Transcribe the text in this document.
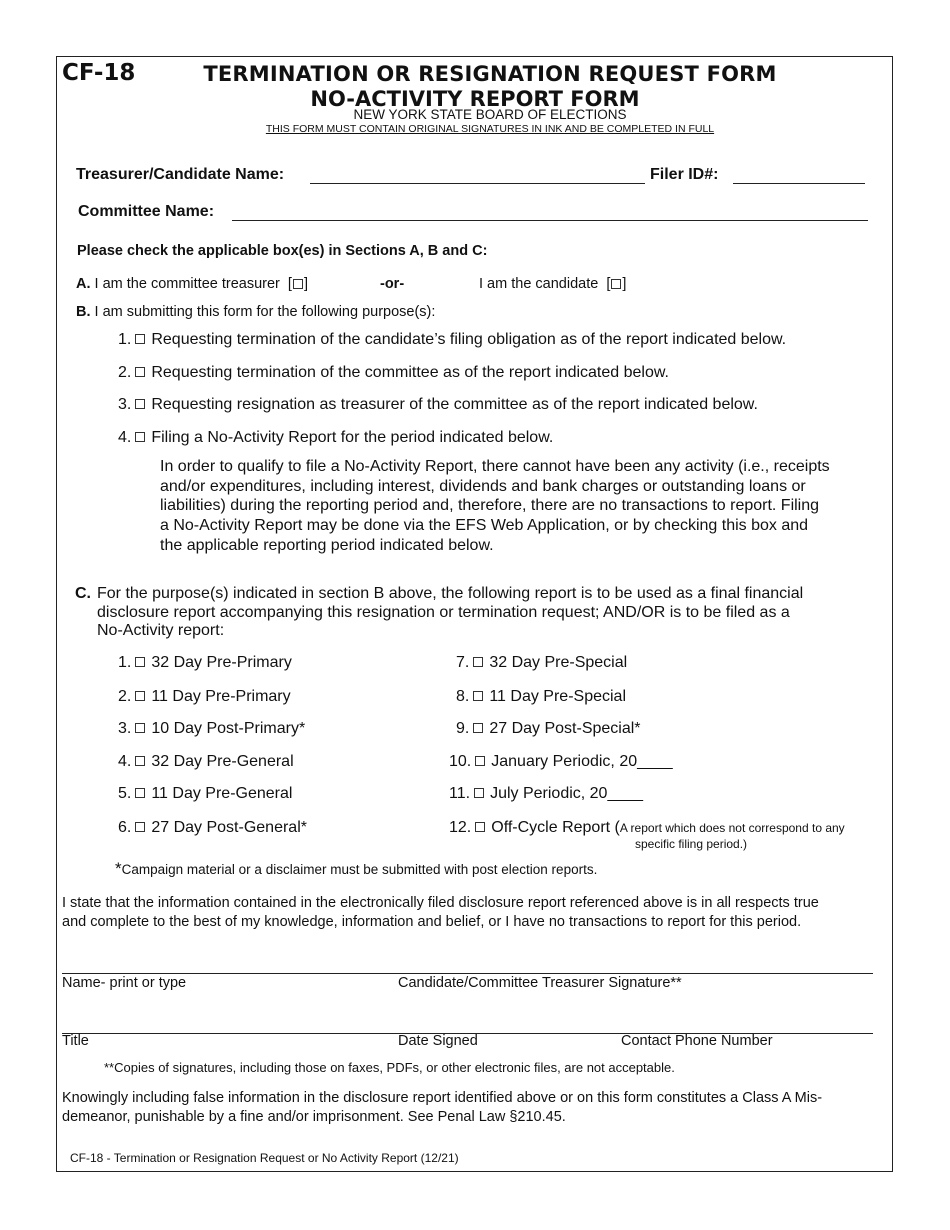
CF-18	TERMINATION OR RESIGNATION REQUEST FORM
NO-ACTIVITY REPORT FORM
NEW YORK STATE BOARD OF ELECTIONS
THIS FORM MUST CONTAIN ORIGINAL SIGNATURES IN INK AND BE COMPLETED IN FULL
Treasurer/Candidate Name:	Filer ID#:
Committee Name:
Please check the applicable box(es) in Sections A, B and C:
A. I am the committee treasurer  [ ]	-or-	I am the candidate  [ ]
B. I am submitting this form for the following purpose(s):
1. Requesting termination of the candidate’s filing obligation as of the report indicated below.
2. Requesting termination of the committee as of the report indicated below.
3. Requesting resignation as treasurer of the committee as of the report indicated below.
4. Filing a No-Activity Report for the period indicated below.
In order to qualify to file a No-Activity Report, there cannot have been any activity (i.e., receipts
and/or expenditures, including interest, dividends and bank charges or outstanding loans or
liabilities) during the reporting period and, therefore, there are no transactions to report. Filing
a No-Activity Report may be done via the EFS Web Application, or by checking this box and
the applicable reporting period indicated below.
C. For the purpose(s) indicated in section B above, the following report is to be used as a final financial
disclosure report accompanying this resignation or termination request; AND/OR is to be filed as a
No-Activity report:
1. 32 Day Pre-Primary
2. 11 Day Pre-Primary
3. 10 Day Post-Primary*
4. 32 Day Pre-General
5. 11 Day Pre-General
6. 27 Day Post-General*
7. 32 Day Pre-Special
8. 11 Day Pre-Special
9. 27 Day Post-Special*
10. January Periodic, 20____
11. July Periodic, 20____
12. Off-Cycle Report (A report which does not correspond to any
specific filing period.)
*Campaign material or a disclaimer must be submitted with post election reports.
I state that the information contained in the electronically filed disclosure report referenced above is in all respects true
and complete to the best of my knowledge, information and belief, or I have no transactions to report for this period.
Name- print or type	Candidate/Committee Treasurer Signature**
Title	Date Signed	Contact Phone Number
**Copies of signatures, including those on faxes, PDFs, or other electronic files, are not acceptable.
Knowingly including false information in the disclosure report identified above or on this form constitutes a Class A Mis-
demeanor, punishable by a fine and/or imprisonment. See Penal Law §210.45.
CF-18 - Termination or Resignation Request or No Activity Report (12/21)
